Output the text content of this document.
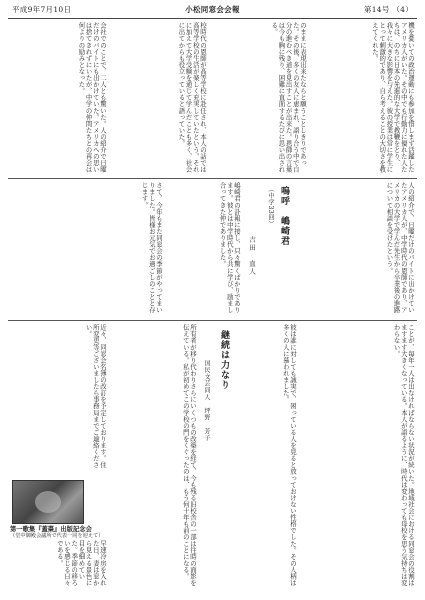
平成9年7月10日	小松同窓会会報	第14号 （4）
機を憂いての政治運動にも参加を惜しまず活躍したアメリカ人がいた。その中でも行動力に優れた人たちは、のちに日本の先進的な大学で教鞭をとり、我々に大きな影響を与えた。彼の授業は常に学生にとって刺激的であり、自ら考えることの大切さを教えてくれた。
のままに表現出来たならと願うことしきりであった。その後、多くの友人に恵まれ、語り合う中で自分の進むべき道を見出すことが出来た。恩師の言葉は今も胸に残り、困難に直面するたびに思い出される。
校時代の恩師が高等学校に赴任され、本人の話では高等学校の生活が楽しく充実していたという。それに加えて大学受験を通じて学んだことも多く、社会に出てからも役立っていると語っていた。
会社でのことで、二人とも驚いた。人の紹介で日曜だけのバイトにも出かけていた。アメリカへの思いは捨てきれずにいたが、中学の仲間たちとの再会は何よりの励みとなった。
人の紹介で、日曜だけのバイトに出かけていたアメリカ人が、中学時代の恩師であり、アメリカの大学で学んだ先生から卒業後の進路について相談を受けたという。
さて、今年もまた同窓会の季節がやってまいりました。皆様お元気でお過ごしのことと存じます。	嗚呼　嶋崎君
（中学33回）
吉田　直人
嶋崎君の訃報に接し、只々驚くばかりであります。彼とは中学時代から共に学び、励まし合ってきた仲でありました。
ことが、毎年一人は出なければならない状況が続いた。地域社会における同窓会の役割はますます大きくなっている。本人が語るように、時代は変わっても母校を思う気持ちは変わらない。
彼は誰に対しても誠実で、困っている人を見ると放っておけない性格でした。その人柄は多くの人に慕われました。
継続は力なり
国民文芸同人　坪野　芳子
所有者が移り代わりさらにいくつもの改築を経て、今も残る旧校舎の一部は往時の面影を伝えている。私が初めてこの学校の門をくぐったのは、もう何十年も前のことになる。
近々、同窓会名簿の改訂を予定しております。住所変更等ございましたら事務局までご連絡ください。
第一歌集『蓋棗』出版記念会
（堂中御殿会議所で代表一同を迎えて）
早速冷房を入れた日、妻は窓から見える景色に目を細めていた。季節の移ろいを感じる日々である。
